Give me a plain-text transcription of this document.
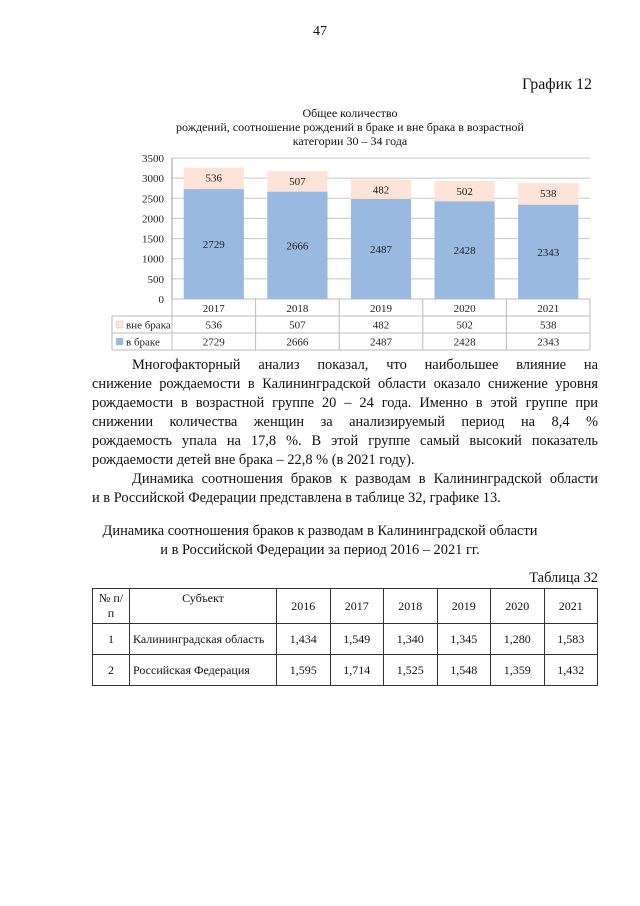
47
График 12
Общее количество
рождений, соотношение рождений в браке и вне брака в возрастной
категории 30 – 34 года
0
500
1000
1500
2000
2500
3000
3500
2729
536
2666
507
2487
482
2428
502
2343
538
2017	2018	2019	2020	2021
вне брака	536	507	482	502	538
в браке	2729	2666	2487	2428	2343
Многофакторный анализ показал, что наибольшее влияние на
снижение рождаемости в Калининградской области оказало снижение уровня
рождаемости в возрастной группе 20 – 24 года. Именно в этой группе при
снижении количества женщин за анализируемый период на 8,4 %
рождаемость упала на 17,8 %. В этой группе самый высокий показатель
рождаемости детей вне брака – 22,8 % (в 2021 году).
Динамика соотношения браков к разводам в Калининградской области
и в Российской Федерации представлена в таблице 32, графике 13.
Динамика соотношения браков к разводам в Калининградской области
и в Российской Федерации за период 2016 – 2021 гг.
Таблица 32
№ п/п	Субъект	2016	2017	2018	2019	2020	2021
1	Калининградская область	1,434	1,549	1,340	1,345	1,280	1,583
2	Российская Федерация	1,595	1,714	1,525	1,548	1,359	1,432
